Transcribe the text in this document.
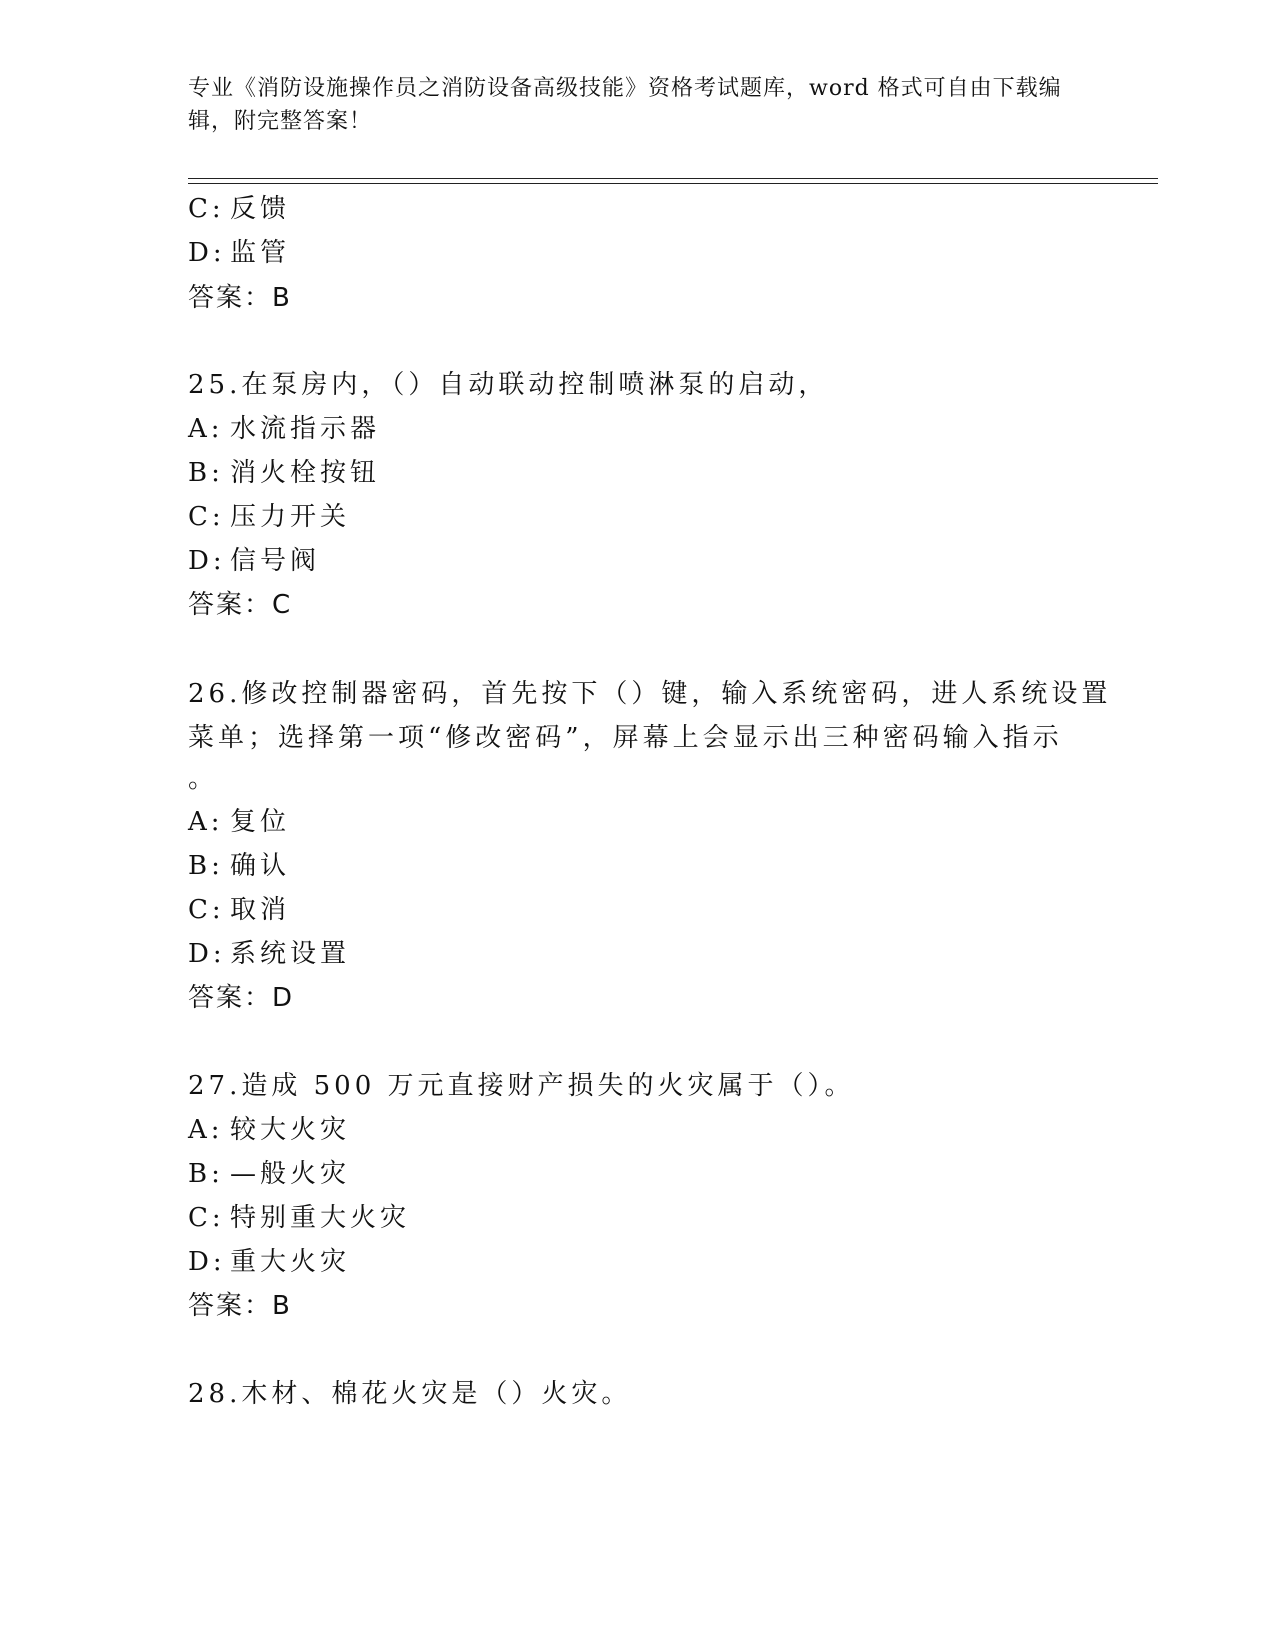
专业《消防设施操作员之消防设备高级技能》资格考试题库，word 格式可自由下载编辑，附完整答案！
C: 反馈
D: 监管
答案：B
25.在泵房内，（）自动联动控制喷淋泵的启动，
A: 水流指示器
B: 消火栓按钮
C: 压力开关
D: 信号阀
答案：C
26.修改控制器密码，首先按下（）键，输入系统密码，进人系统设置
菜单；选择第一项“修改密码”，屏幕上会显示出三种密码输入指示
。
A: 复位
B: 确认
C: 取消
D: 系统设置
答案：D
27.造成 500 万元直接财产损失的火灾属于（）。
A: 较大火灾
B: —般火灾
C: 特别重大火灾
D: 重大火灾
答案：B
28.木材、棉花火灾是（）火灾。
